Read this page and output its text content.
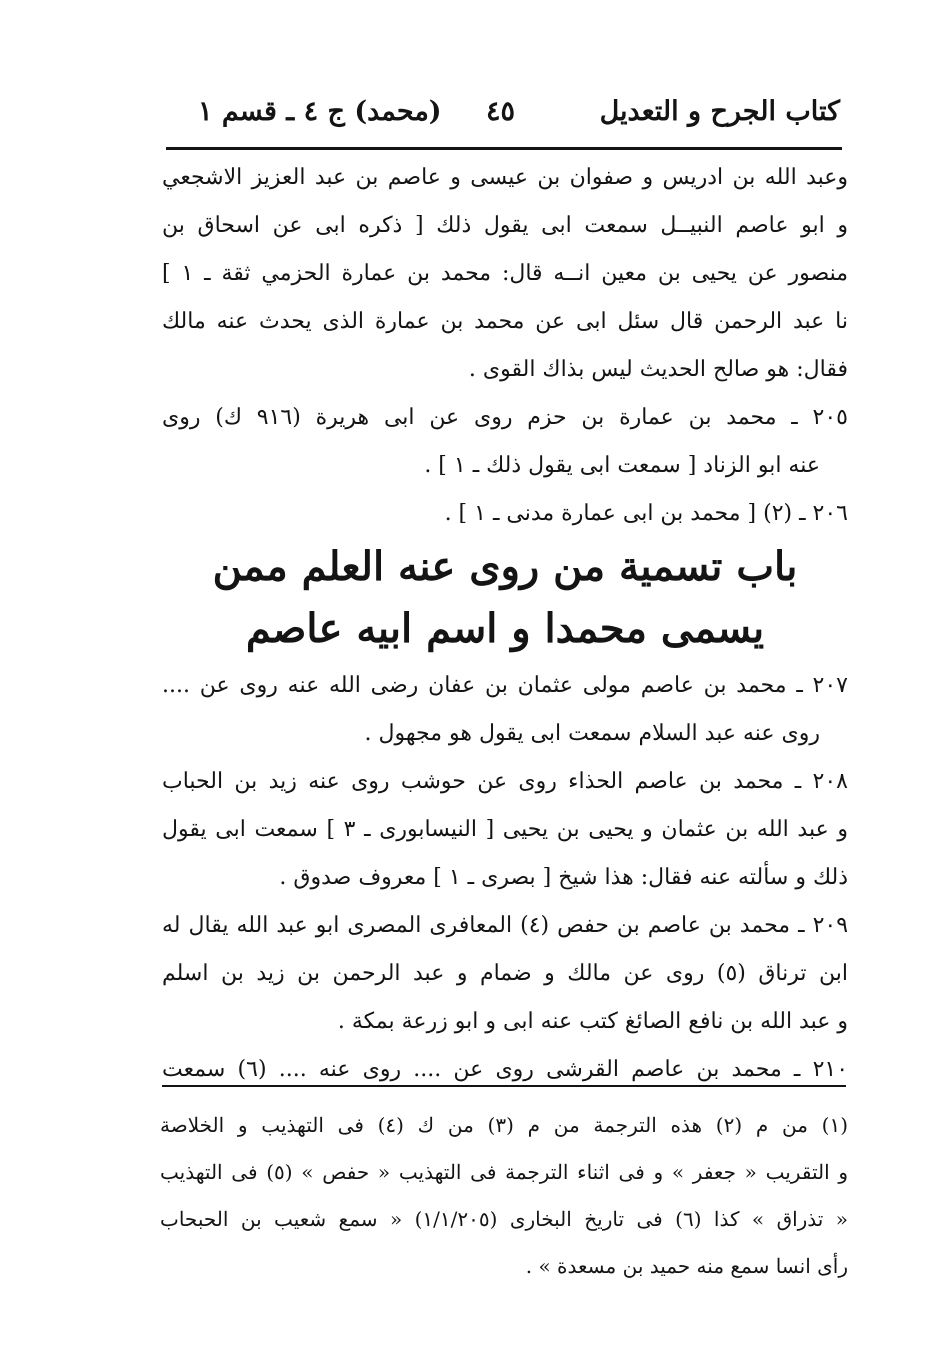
كتاب الجرح و التعديل
٤٥
(محمد) ج ٤ ـ قسم ١
وعبد الله بن ادريس و صفوان بن عيسى و عاصم بن عبد العزيز الاشجعي
و ابو عاصم النبيــل سمعت ابى يقول ذلك [ ذكره ابى عن اسحاق بن
منصور عن يحيى بن معين انــه قال: محمد بن عمارة الحزمي ثقة ـ ١ ]
نا عبد الرحمن قال سئل ابى عن محمد بن عمارة الذى يحدث عنه مالك
فقال: هو صالح الحديث ليس بذاك القوى .
٢٠٥ ـ محمد بن عمارة بن حزم روى عن ابى هريرة (٩١٦ ك) روى
عنه ابو الزناد [ سمعت ابى يقول ذلك ـ ١ ] .
٢٠٦ ـ (٢) [ محمد بن ابى عمارة مدنى ـ ١ ] .
باب تسمية من روى عنه العلم ممن
يسمى محمدا و اسم ابيه عاصم
٢٠٧ ـ محمد بن عاصم مولى عثمان بن عفان رضى الله عنه روى عن ....
روى عنه عبد السلام سمعت ابى يقول هو مجهول .
٢٠٨ ـ محمد بن عاصم الحذاء روى عن حوشب روى عنه زيد بن الحباب
و عبد الله بن عثمان و يحيى بن يحيى [ النيسابورى ـ ٣ ] سمعت ابى يقول
ذلك و سألته عنه فقال: هذا شيخ [ بصرى ـ ١ ] معروف صدوق .
٢٠٩ ـ محمد بن عاصم بن حفص (٤) المعافرى المصرى ابو عبد الله يقال له
ابن ترناق (٥) روى عن مالك و ضمام و عبد الرحمن بن زيد بن اسلم
و عبد الله بن نافع الصائغ كتب عنه ابى و ابو زرعة بمكة .
٢١٠ ـ محمد بن عاصم القرشى روى عن .... روى عنه .... (٦) سمعت
(١) من م (٢) هذه الترجمة من م (٣) من ك (٤) فى التهذيب و الخلاصة
و التقريب « جعفر » و فى اثناء الترجمة فى التهذيب « حفص » (٥) فى التهذيب
« تذراق » كذا (٦) فى تاريخ البخارى (١/١/٢٠٥) « سمع شعيب بن الحبحاب
رأى انسا سمع منه حميد بن مسعدة » .
